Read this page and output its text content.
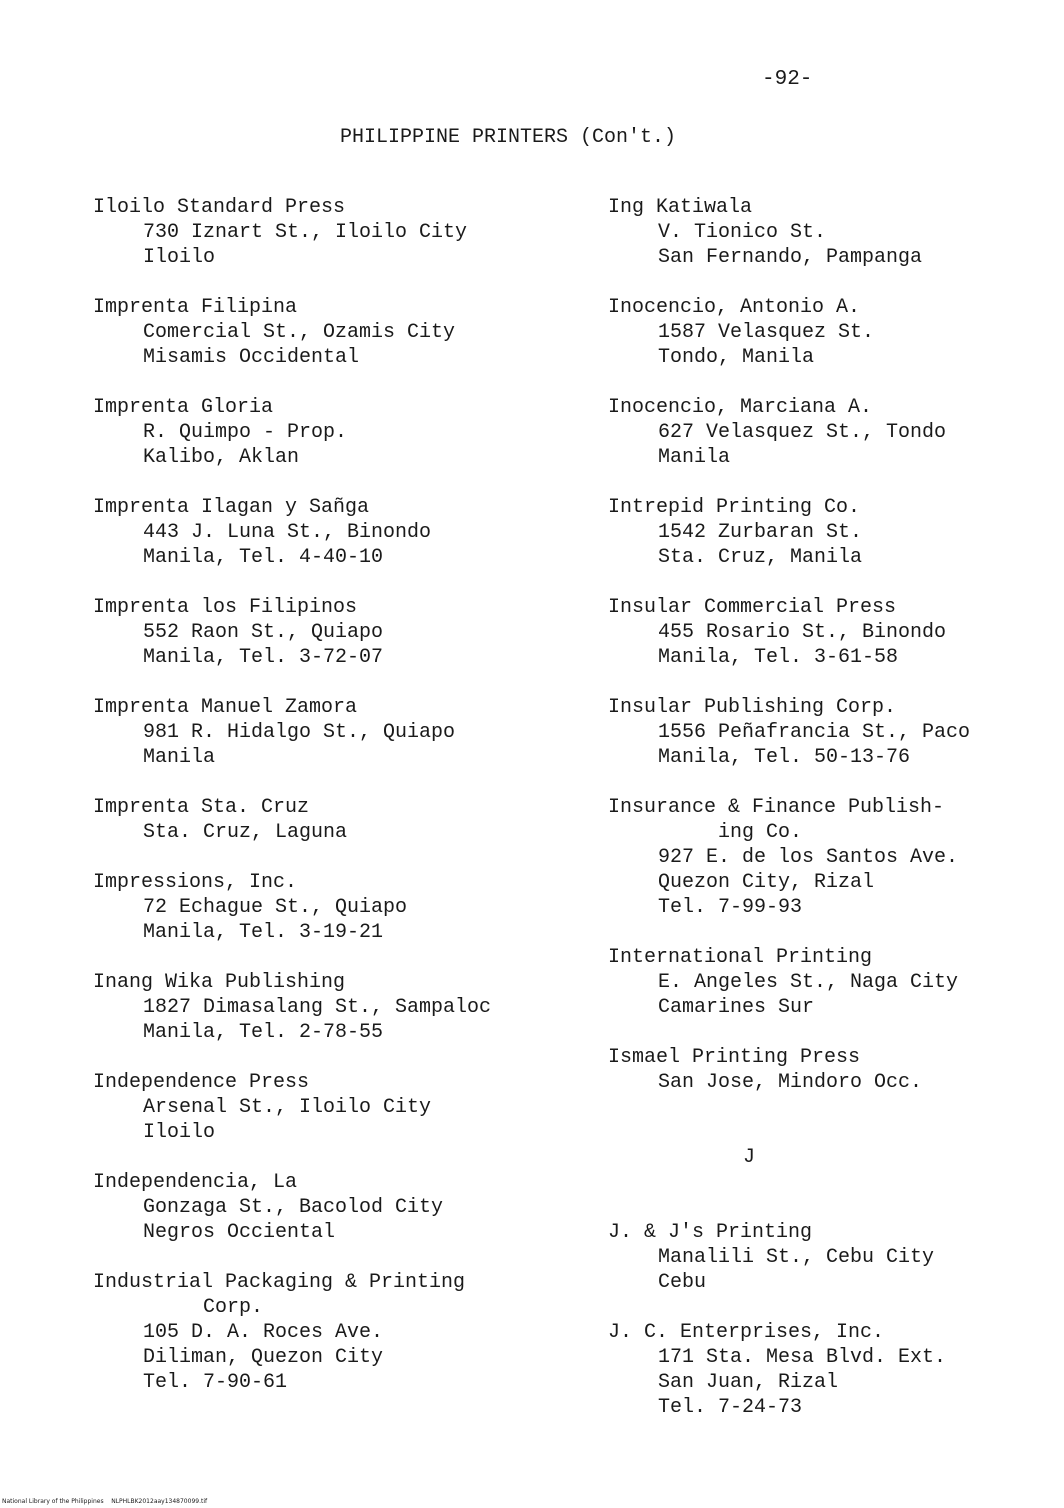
-92-
PHILIPPINE PRINTERS (Con't.)
Iloilo Standard Press
730 Iznart St., Iloilo City
Iloilo
Imprenta Filipina
Comercial St., Ozamis City
Misamis Occidental
Imprenta Gloria
R. Quimpo - Prop.
Kalibo, Aklan
Imprenta Ilagan y Sañga
443 J. Luna St., Binondo
Manila, Tel. 4-40-10
Imprenta los Filipinos
552 Raon St., Quiapo
Manila, Tel. 3-72-07
Imprenta Manuel Zamora
981 R. Hidalgo St., Quiapo
Manila
Imprenta Sta. Cruz
Sta. Cruz, Laguna
Impressions, Inc.
72 Echague St., Quiapo
Manila, Tel. 3-19-21
Inang Wika Publishing
1827 Dimasalang St., Sampaloc
Manila, Tel. 2-78-55
Independence Press
Arsenal St., Iloilo City
Iloilo
Independencia, La
Gonzaga St., Bacolod City
Negros Occiental
Industrial Packaging & Printing
Corp.
105 D. A. Roces Ave.
Diliman, Quezon City
Tel. 7-90-61
Ing Katiwala
V. Tionico St.
San Fernando, Pampanga
Inocencio, Antonio A.
1587 Velasquez St.
Tondo, Manila
Inocencio, Marciana A.
627 Velasquez St., Tondo
Manila
Intrepid Printing Co.
1542 Zurbaran St.
Sta. Cruz, Manila
Insular Commercial Press
455 Rosario St., Binondo
Manila, Tel. 3-61-58
Insular Publishing Corp.
1556 Peñafrancia St., Paco
Manila, Tel. 50-13-76
Insurance & Finance Publish-
ing Co.
927 E. de los Santos Ave.
Quezon City, Rizal
Tel. 7-99-93
International Printing
E. Angeles St., Naga City
Camarines Sur
Ismael Printing Press
San Jose, Mindoro Occ.
J
J. & J's Printing
Manalili St., Cebu City
Cebu
J. C. Enterprises, Inc.
171 Sta. Mesa Blvd. Ext.
San Juan, Rizal
Tel. 7-24-73
National Library of the Philippines    NLPHLBK2012aay134870099.tif
